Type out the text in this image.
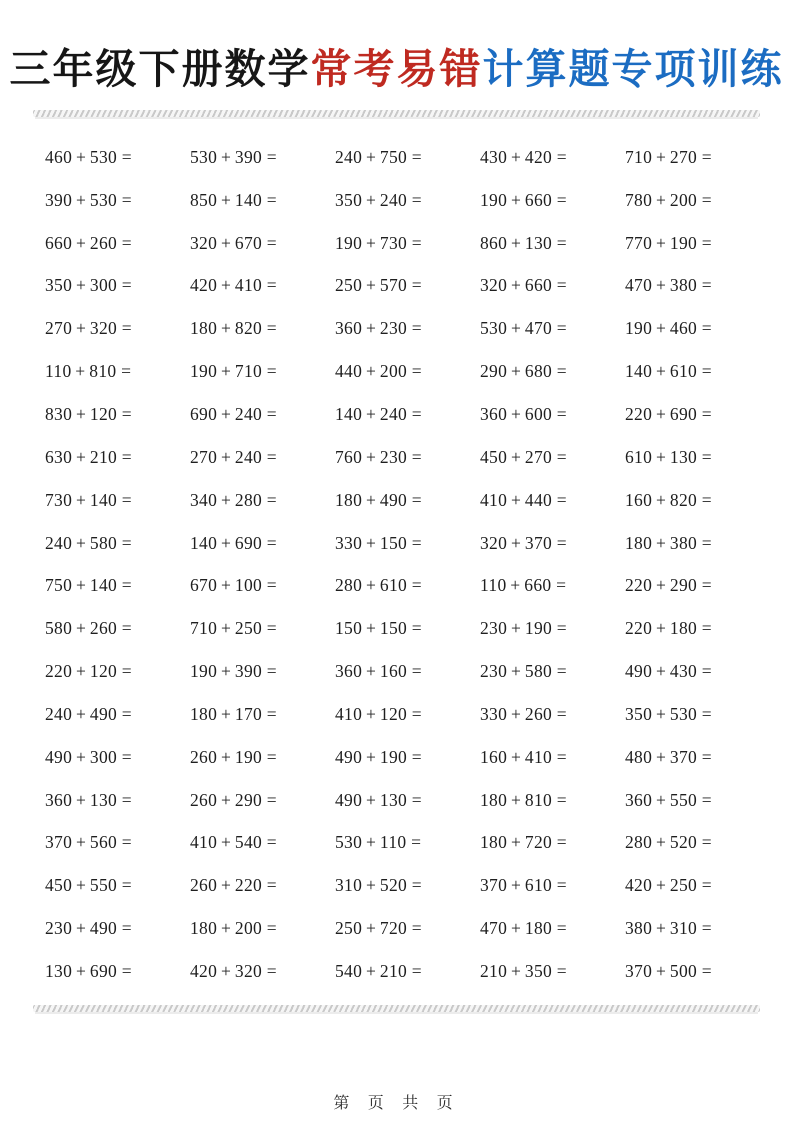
三年级下册数学常考易错计算题专项训练
460 + 530 =	530 + 390 =	240 + 750 =	430 + 420 =	710 + 270 =
390 + 530 =	850 + 140 =	350 + 240 =	190 + 660 =	780 + 200 =
660 + 260 =	320 + 670 =	190 + 730 =	860 + 130 =	770 + 190 =
350 + 300 =	420 + 410 =	250 + 570 =	320 + 660 =	470 + 380 =
270 + 320 =	180 + 820 =	360 + 230 =	530 + 470 =	190 + 460 =
110 + 810 =	190 + 710 =	440 + 200 =	290 + 680 =	140 + 610 =
830 + 120 =	690 + 240 =	140 + 240 =	360 + 600 =	220 + 690 =
630 + 210 =	270 + 240 =	760 + 230 =	450 + 270 =	610 + 130 =
730 + 140 =	340 + 280 =	180 + 490 =	410 + 440 =	160 + 820 =
240 + 580 =	140 + 690 =	330 + 150 =	320 + 370 =	180 + 380 =
750 + 140 =	670 + 100 =	280 + 610 =	110 + 660 =	220 + 290 =
580 + 260 =	710 + 250 =	150 + 150 =	230 + 190 =	220 + 180 =
220 + 120 =	190 + 390 =	360 + 160 =	230 + 580 =	490 + 430 =
240 + 490 =	180 + 170 =	410 + 120 =	330 + 260 =	350 + 530 =
490 + 300 =	260 + 190 =	490 + 190 =	160 + 410 =	480 + 370 =
360 + 130 =	260 + 290 =	490 + 130 =	180 + 810 =	360 + 550 =
370 + 560 =	410 + 540 =	530 + 110 =	180 + 720 =	280 + 520 =
450 + 550 =	260 + 220 =	310 + 520 =	370 + 610 =	420 + 250 =
230 + 490 =	180 + 200 =	250 + 720 =	470 + 180 =	380 + 310 =
130 + 690 =	420 + 320 =	540 + 210 =	210 + 350 =	370 + 500 =
第 页 共 页
